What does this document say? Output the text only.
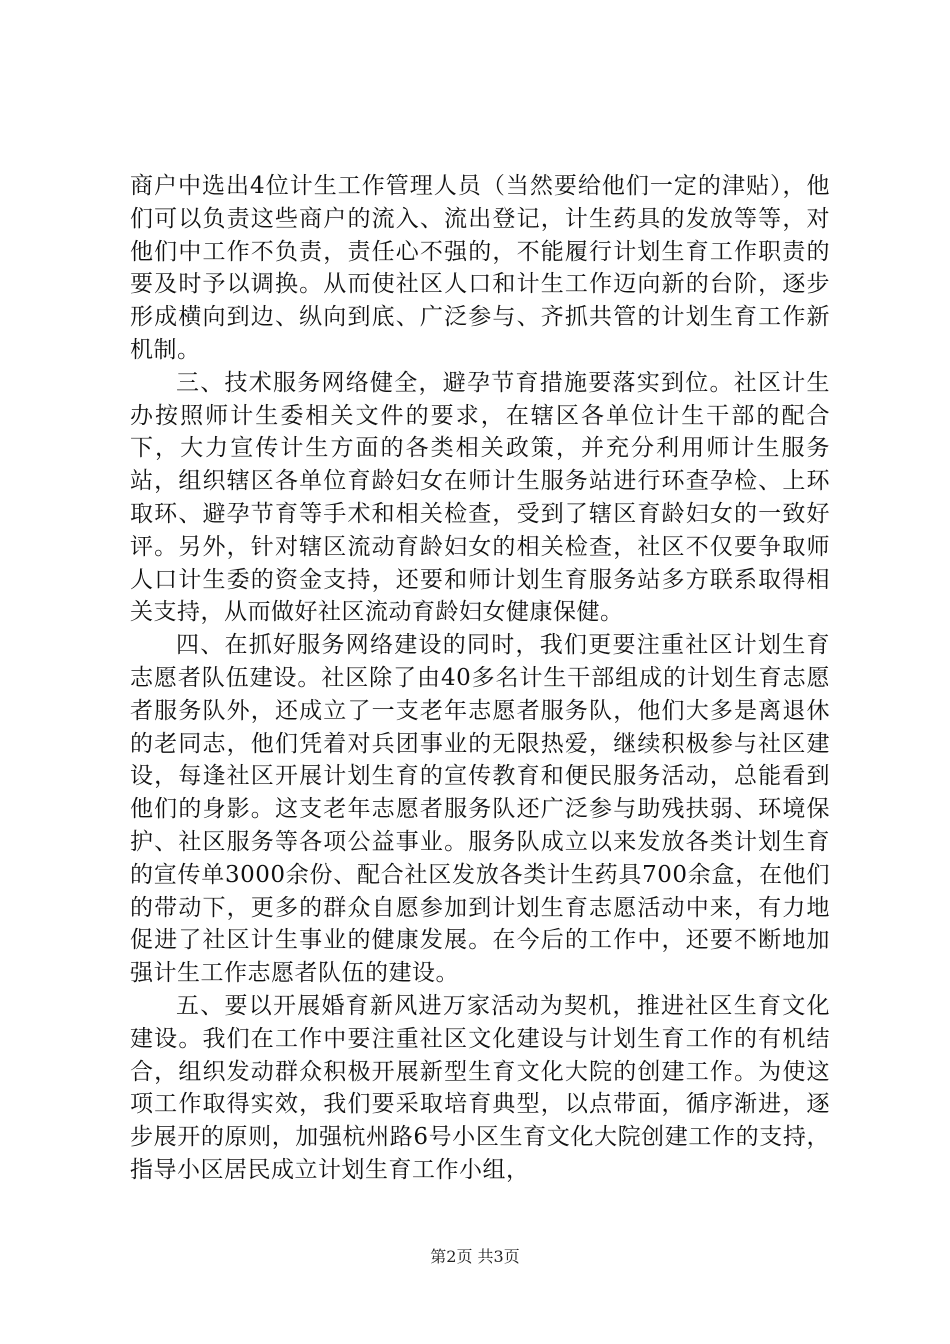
商户中选出4位计生工作管理人员（当然要给他们一定的津贴），他们可以负责这些商户的流入、流出登记，计生药具的发放等等，对他们中工作不负责，责任心不强的，不能履行计划生育工作职责的要及时予以调换。从而使社区人口和计生工作迈向新的台阶，逐步形成横向到边、纵向到底、广泛参与、齐抓共管的计划生育工作新机制。

三、技术服务网络健全，避孕节育措施要落实到位。社区计生办按照师计生委相关文件的要求，在辖区各单位计生干部的配合下，大力宣传计生方面的各类相关政策，并充分利用师计生服务站，组织辖区各单位育龄妇女在师计生服务站进行环查孕检、上环取环、避孕节育等手术和相关检查，受到了辖区育龄妇女的一致好评。另外，针对辖区流动育龄妇女的相关检查，社区不仅要争取师人口计生委的资金支持，还要和师计划生育服务站多方联系取得相关支持，从而做好社区流动育龄妇女健康保健。

四、在抓好服务网络建设的同时，我们更要注重社区计划生育志愿者队伍建设。社区除了由40多名计生干部组成的计划生育志愿者服务队外，还成立了一支老年志愿者服务队，他们大多是离退休的老同志，他们凭着对兵团事业的无限热爱，继续积极参与社区建设，每逢社区开展计划生育的宣传教育和便民服务活动，总能看到他们的身影。这支老年志愿者服务队还广泛参与助残扶弱、环境保护、社区服务等各项公益事业。服务队成立以来发放各类计划生育的宣传单3000余份、配合社区发放各类计生药具700余盒，在他们的带动下，更多的群众自愿参加到计划生育志愿活动中来，有力地促进了社区计生事业的健康发展。在今后的工作中，还要不断地加强计生工作志愿者队伍的建设。

五、要以开展婚育新风进万家活动为契机，推进社区生育文化建设。我们在工作中要注重社区文化建设与计划生育工作的有机结合，组织发动群众积极开展新型生育文化大院的创建工作。为使这项工作取得实效，我们要采取培育典型，以点带面，循序渐进，逐步展开的原则，加强杭州路6号小区生育文化大院创建工作的支持，指导小区居民成立计划生育工作小组，

第2页 共3页
